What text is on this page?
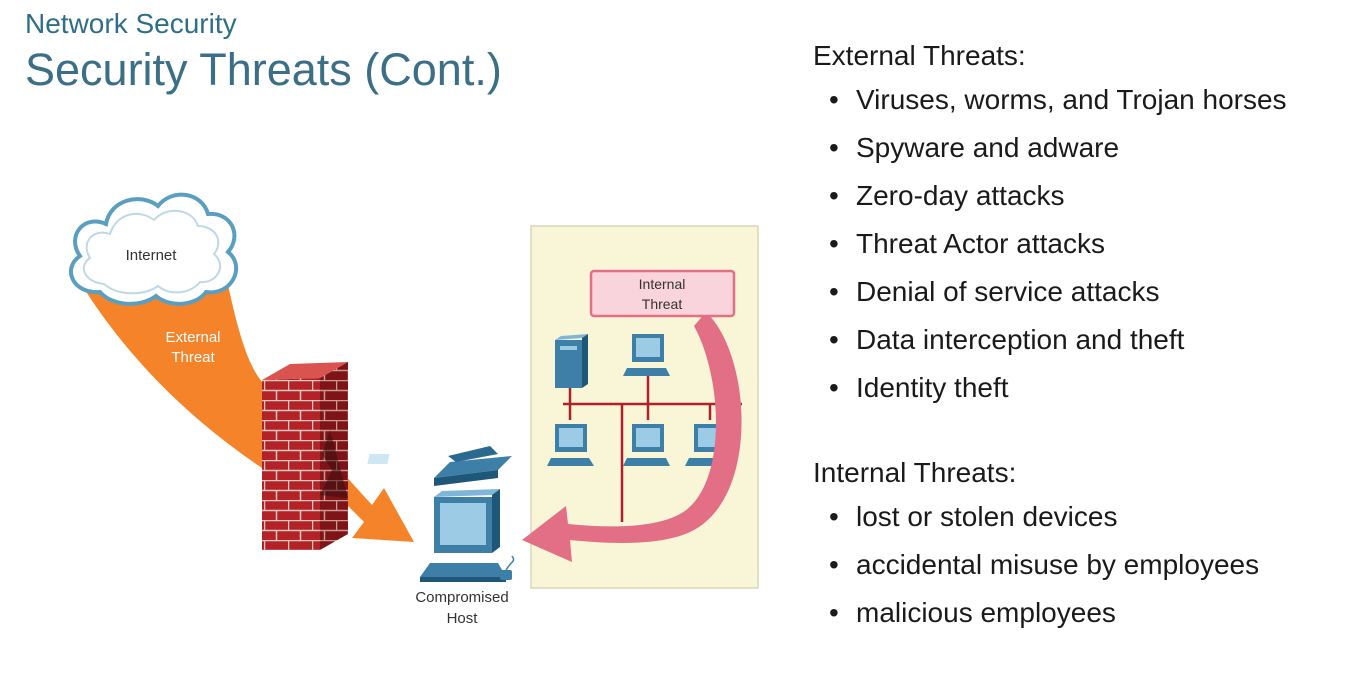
Network Security
Security Threats (Cont.)
Internet
External
Threat
Internal
Threat
Compromised
Host
External Threats:
• Viruses, worms, and Trojan horses
• Spyware and adware
• Zero-day attacks
• Threat Actor attacks
• Denial of service attacks
• Data interception and theft
• Identity theft
Internal Threats:
• lost or stolen devices
• accidental misuse by employees
• malicious employees
